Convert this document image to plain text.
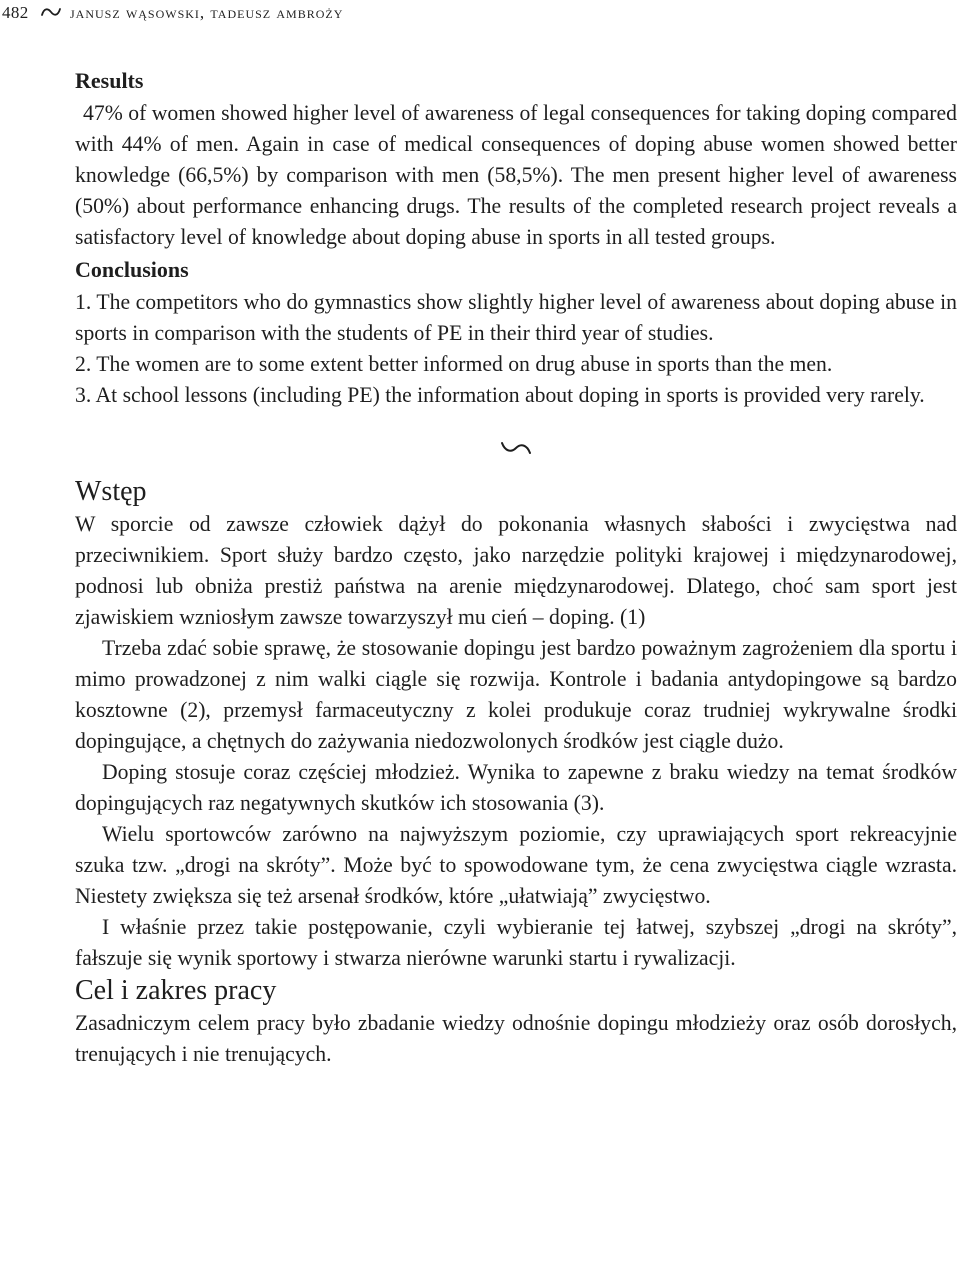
482 janusz wąsowski, tadeusz ambroży
Results

47% of women showed higher level of awareness of legal consequences for taking doping compared with 44% of men. Again in case of medical consequences of doping abuse women showed better knowledge (66,5%) by comparison with men (58,5%). The men present higher level of awareness (50%) about performance enhancing drugs. The results of the completed research project reveals a satisfactory level of knowledge about doping abuse in sports in all tested groups.

Conclusions

1. The competitors who do gymnastics show slightly higher level of awareness about doping abuse in sports in comparison with the students of PE in their third year of studies.

2. The women are to some extent better informed on drug abuse in sports than the men.

3. At school lessons (including PE) the information about doping in sports is provided very rarely.

Wstęp

W sporcie od zawsze człowiek dążył do pokonania własnych słabości i zwycięstwa nad przeciwnikiem. Sport służy bardzo często, jako narzędzie polityki krajowej i międzynarodowej, podnosi lub obniża prestiż państwa na arenie międzynarodowej. Dlatego, choć sam sport jest zjawiskiem wzniosłym zawsze towarzyszył mu cień – doping. (1)

Trzeba zdać sobie sprawę, że stosowanie dopingu jest bardzo poważnym zagrożeniem dla sportu i mimo prowadzonej z nim walki ciągle się rozwija. Kontrole i badania antydopingowe są bardzo kosztowne (2), przemysł farmaceutyczny z kolei produkuje coraz trudniej wykrywalne środki dopingujące, a chętnych do zażywania niedozwolonych środków jest ciągle dużo.

Doping stosuje coraz częściej młodzież. Wynika to zapewne z braku wiedzy na temat środków dopingujących raz negatywnych skutków ich stosowania (3).

Wielu sportowców zarówno na najwyższym poziomie, czy uprawiających sport rekreacyjnie szuka tzw. „drogi na skróty”. Może być to spowodowane tym, że cena zwycięstwa ciągle wzrasta. Niestety zwiększa się też arsenał środków, które „ułatwiają” zwycięstwo.

I właśnie przez takie postępowanie, czyli wybieranie tej łatwej, szybszej „drogi na skróty”, fałszuje się wynik sportowy i stwarza nierówne warunki startu i rywalizacji.

Cel i zakres pracy

Zasadniczym celem pracy było zbadanie wiedzy odnośnie dopingu młodzieży oraz osób dorosłych, trenujących i nie trenujących.
